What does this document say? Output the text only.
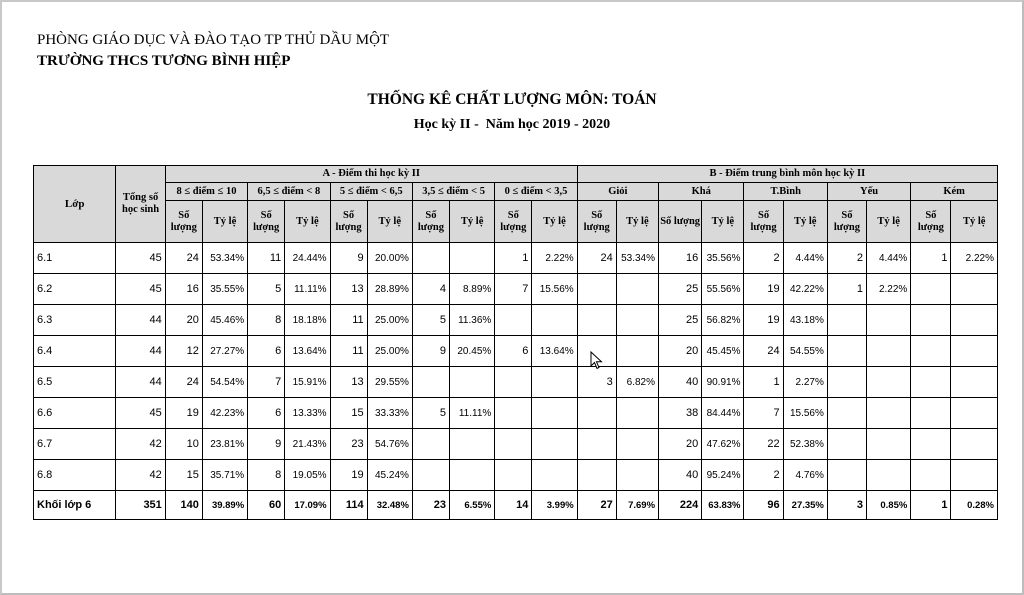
PHÒNG GIÁO DỤC VÀ ĐÀO TẠO TP THỦ DẦU MỘT
TRƯỜNG THCS TƯƠNG BÌNH HIỆP
THỐNG KÊ CHẤT LƯỢNG MÔN: TOÁN
Học kỳ II -  Năm học 2019 - 2020
Lớp	Tổng số học sinh	A - Điểm thi học kỳ II										B - Điểm trung bình môn học kỳ II									
		8 ≤ điểm ≤ 10		6,5 ≤ điểm < 8		5 ≤ điểm < 6,5		3,5 ≤ điểm < 5		0 ≤ điểm < 3,5		Giỏi		Khá		T.Bình		Yếu		Kém	
		Số lượng	Tỷ lệ	Số lượng	Tỷ lệ	Số lượng	Tỷ lệ	Số lượng	Tỷ lệ	Số lượng	Tỷ lệ	Số lượng	Tỷ lệ	Số lượng	Tỷ lệ	Số lượng	Tỷ lệ	Số lượng	Tỷ lệ	Số lượng	Tỷ lệ
6.1	45	24	53.34%	11	24.44%	9	20.00%			1	2.22%	24	53.34%	16	35.56%	2	4.44%	2	4.44%	1	2.22%
6.2	45	16	35.55%	5	11.11%	13	28.89%	4	8.89%	7	15.56%			25	55.56%	19	42.22%	1	2.22%		
6.3	44	20	45.46%	8	18.18%	11	25.00%	5	11.36%					25	56.82%	19	43.18%				
6.4	44	12	27.27%	6	13.64%	11	25.00%	9	20.45%	6	13.64%			20	45.45%	24	54.55%				
6.5	44	24	54.54%	7	15.91%	13	29.55%					3	6.82%	40	90.91%	1	2.27%				
6.6	45	19	42.23%	6	13.33%	15	33.33%	5	11.11%					38	84.44%	7	15.56%				
6.7	42	10	23.81%	9	21.43%	23	54.76%							20	47.62%	22	52.38%				
6.8	42	15	35.71%	8	19.05%	19	45.24%							40	95.24%	2	4.76%				
Khối lớp 6	351	140	39.89%	60	17.09%	114	32.48%	23	6.55%	14	3.99%	27	7.69%	224	63.83%	96	27.35%	3	0.85%	1	0.28%
